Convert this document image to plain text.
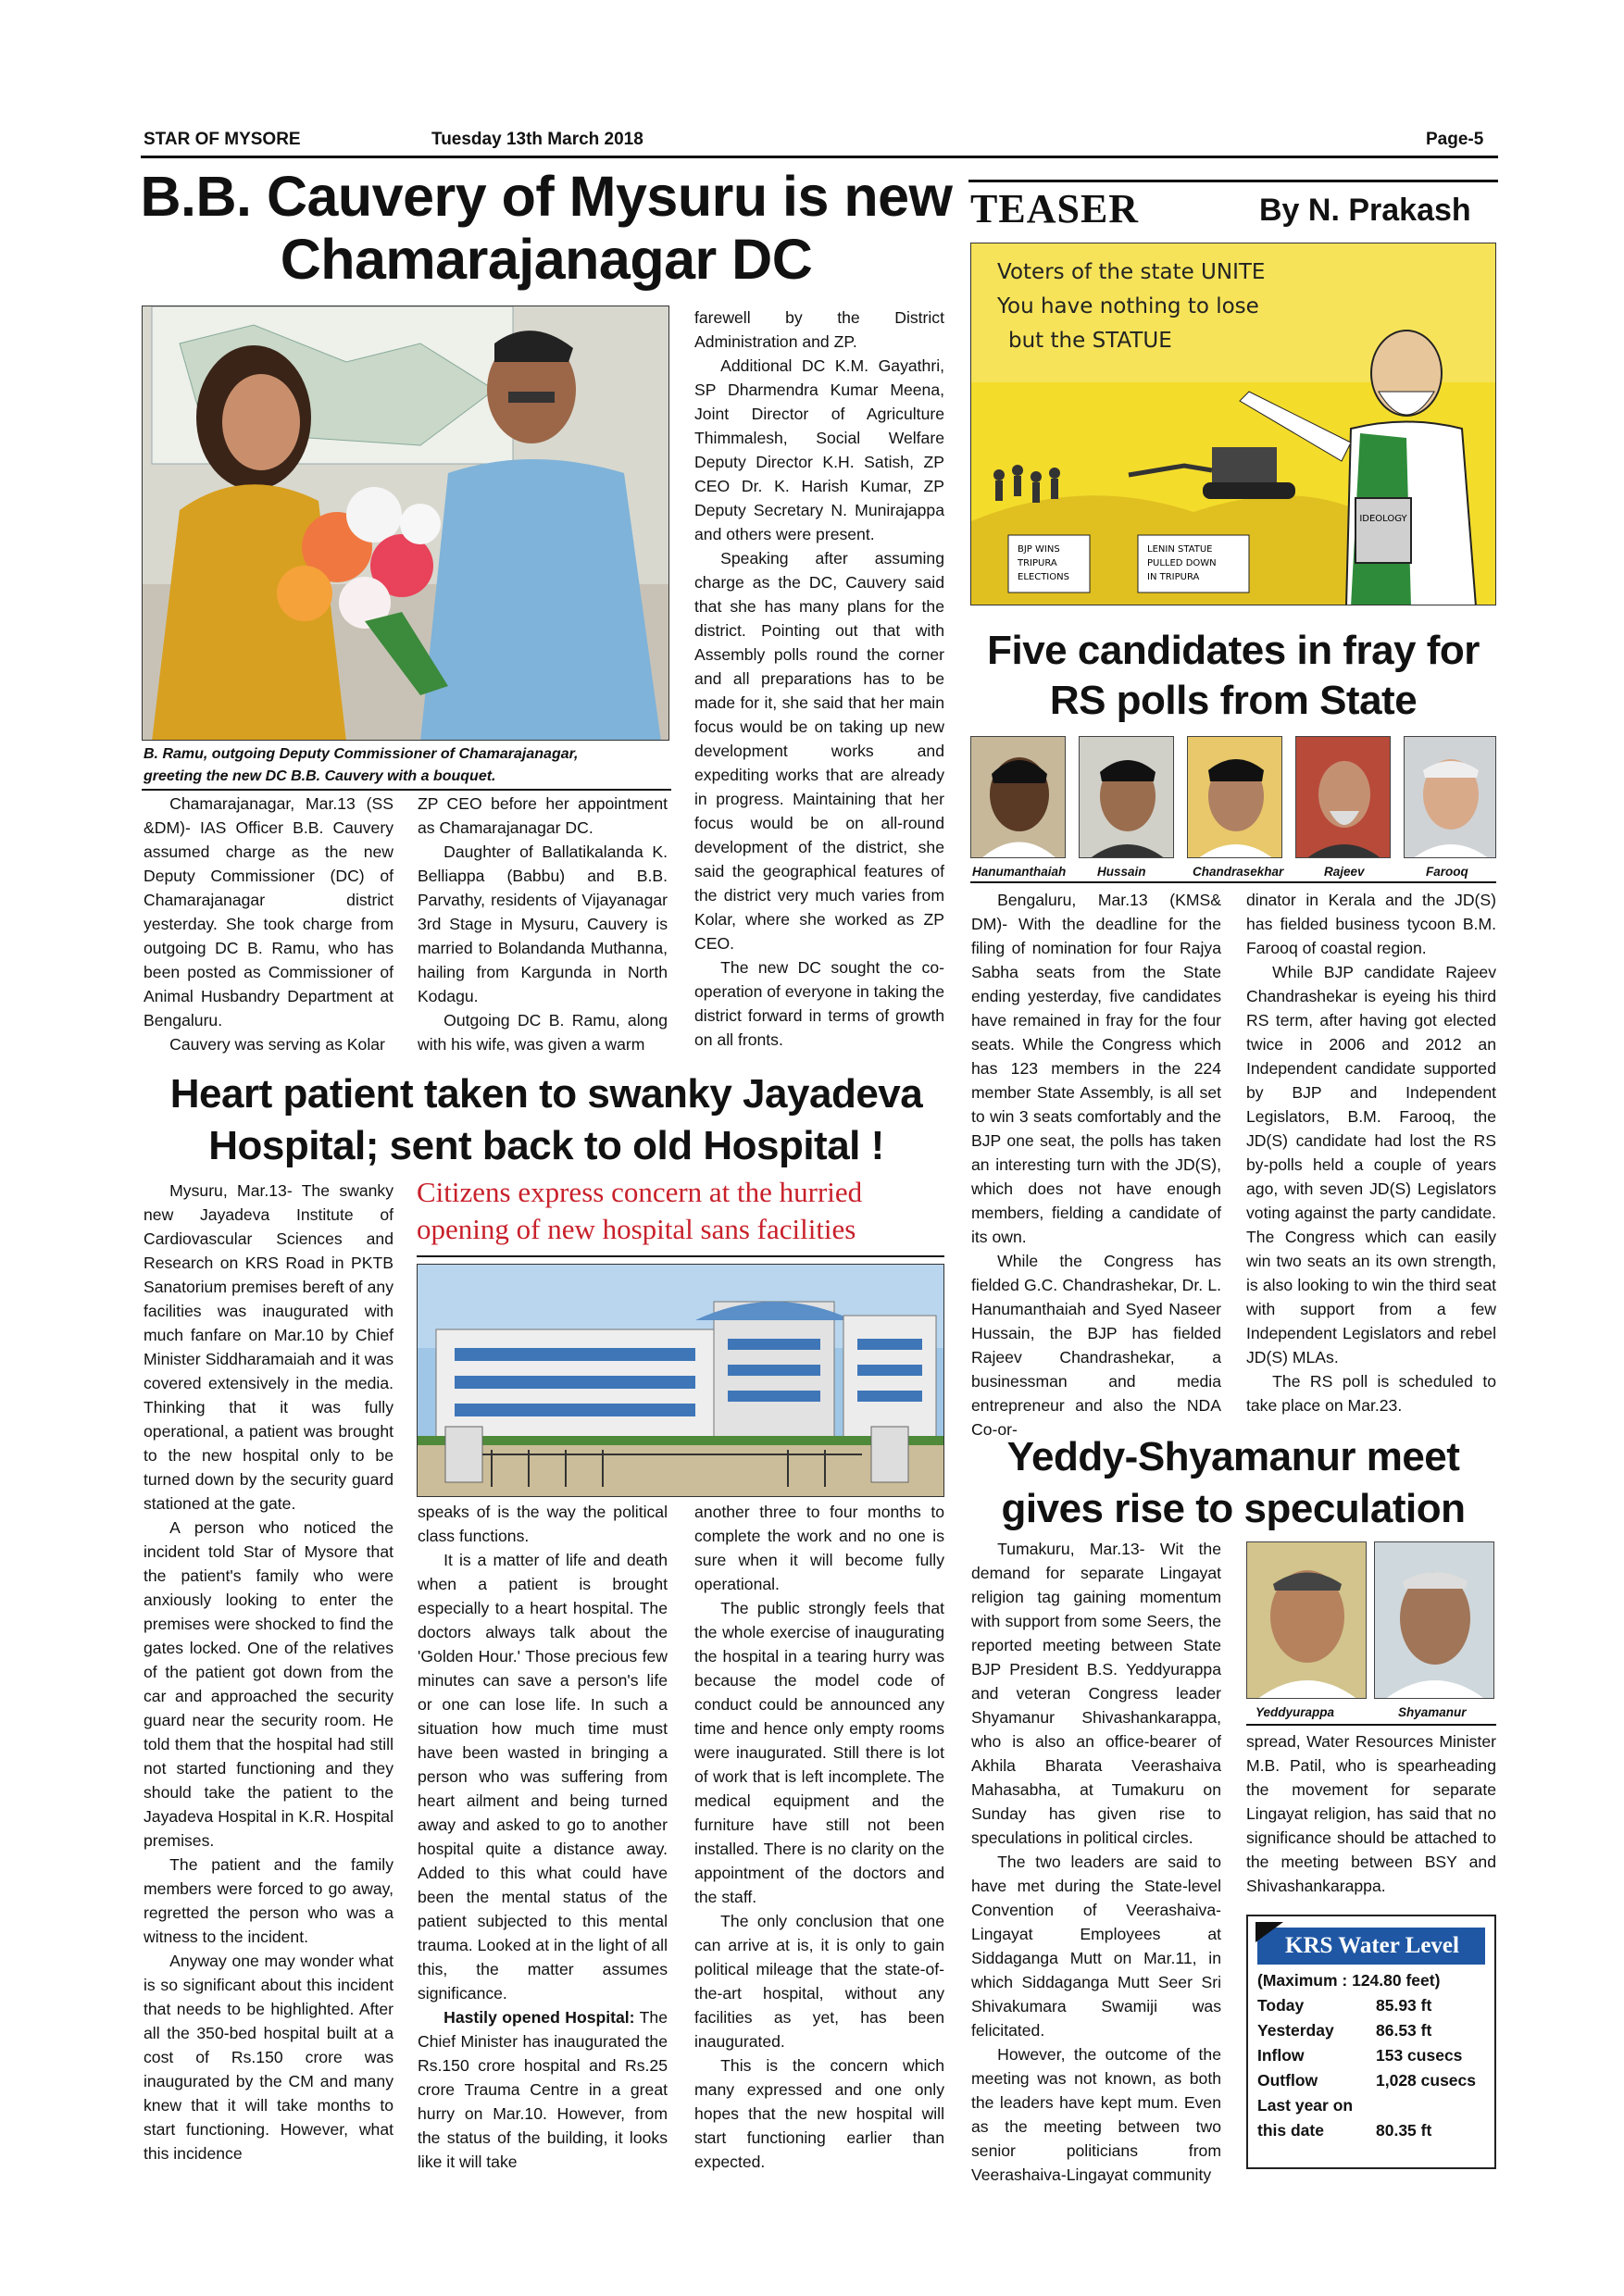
STAR OF MYSORE	Tuesday 13th March 2018	Page-5
B.B. Cauvery of Mysuru is new
Chamarajanagar DC
B. Ramu, outgoing Deputy Commissioner of Chamarajanagar,
greeting the new DC B.B. Cauvery with a bouquet.

Chamarajanagar, Mar.13 (SS &DM)- IAS Officer B.B. Cauvery assumed charge as the new Deputy Commissioner (DC) of Chamarajanagar district yesterday. She took charge from outgoing DC B. Ramu, who has been posted as Commissioner of Animal Husbandry Department at Bengaluru.

Cauvery was serving as Kolar

ZP CEO before her appointment as Chamarajanagar DC.

Daughter of Ballatikalanda K. Belliappa (Babbu) and B.B. Parvathy, residents of Vijayanagar 3rd Stage in Mysuru, Cauvery is married to Bolandanda Muthanna, hailing from Kargunda in North Kodagu.

Outgoing DC B. Ramu, along with his wife, was given a warm

farewell by the District Administration and ZP.

Additional DC K.M. Gayathri, SP Dharmendra Kumar Meena, Joint Director of Agriculture Thimmalesh, Social Welfare Deputy Director K.H. Satish, ZP CEO Dr. K. Harish Kumar, ZP Deputy Secretary N. Munirajappa and others were present.

Speaking after assuming charge as the DC, Cauvery said that she has many plans for the district. Pointing out that with Assembly polls round the corner and all preparations has to be made for it, she said that her main focus would be on taking up new development works and expediting works that are already in progress. Maintaining that her focus would be on all-round development of the district, she said the geographical features of the district very much varies from Kolar, where she worked as ZP CEO.

The new DC sought the co-operation of everyone in taking the district forward in terms of growth on all fronts.

TEASER	By N. Prakash
IDEOLOGY
Voters of the state UNITE
You have nothing to lose
but the STATUE
BJP WINS
TRIPURA
ELECTIONS
LENIN STATUE
PULLED DOWN
IN TRIPURA
Five candidates in fray for
RS polls from State
Hanumanthaiah Hussain	Chandrasekhar	Rajeev	Farooq

Bengaluru, Mar.13 (KMS& DM)- With the deadline for the filing of nomination for four Rajya Sabha seats from the State ending yesterday, five candidates have remained in fray for the four seats. While the Congress which has 123 members in the 224 member State Assembly, is all set to win 3 seats comfortably and the BJP one seat, the polls has taken an interesting turn with the JD(S), which does not have enough members, fielding a candidate of its own.

While the Congress has fielded G.C. Chandrashekar, Dr. L. Hanumanthaiah and Syed Naseer Hussain, the BJP has fielded Rajeev Chandrashekar, a businessman and media entrepreneur and also the NDA Co-or-

dinator in Kerala and the JD(S) has fielded business tycoon B.M. Farooq of coastal region.

While BJP candidate Rajeev Chandrashekar is eyeing his third RS term, after having got elected twice in 2006 and 2012 an Independent candidate supported by BJP and Independent Legislators, B.M. Farooq, the JD(S) candidate had lost the RS by-polls held a couple of years ago, with seven JD(S) Legislators voting against the party candidate. The Congress which can easily win two seats an its own strength, is also looking to win the third seat with support from a few Independent Legislators and rebel JD(S) MLAs.

The RS poll is scheduled to take place on Mar.23.

Heart patient taken to swanky Jayadeva
Hospital; sent back to old Hospital !

Mysuru, Mar.13- The swanky new Jayadeva Institute of Cardiovascular Sciences and Research on KRS Road in PKTB Sanatorium premises bereft of any facilities was inaugurated with much fanfare on Mar.10 by Chief Minister Siddharamaiah and it was covered extensively in the media. Thinking that it was fully operational, a patient was brought to the new hospital only to be turned down by the security guard stationed at the gate.

A person who noticed the incident told Star of Mysore that the patient's family who were anxiously looking to enter the premises were shocked to find the gates locked. One of the relatives of the patient got down from the car and approached the security guard near the security room. He told them that the hospital had still not started functioning and they should take the patient to the Jayadeva Hospital in K.R. Hospital premises.

The patient and the family members were forced to go away, regretted the person who was a witness to the incident.

Anyway one may wonder what is so significant about this incident that needs to be highlighted. After all the 350-bed hospital built at a cost of Rs.150 crore was inaugurated by the CM and many knew that it will take months to start functioning. However, what this incidence

Citizens express concern at the hurried
opening of new hospital sans facilities

speaks of is the way the political class functions.

It is a matter of life and death when a patient is brought especially to a heart hospital. The doctors always talk about the 'Golden Hour.' Those precious few minutes can save a person's life or one can lose life. In such a situation how much time must have been wasted in bringing a person who was suffering from heart ailment and being turned away and asked to go to another hospital quite a distance away. Added to this what could have been the mental status of the patient subjected to this mental trauma. Looked at in the light of all this, the matter assumes significance.

Hastily opened Hospital: The Chief Minister has inaugurated the Rs.150 crore hospital and Rs.25 crore Trauma Centre in a great hurry on Mar.10. However, from the status of the building, it looks like it will take

another three to four months to complete the work and no one is sure when it will become fully operational.

The public strongly feels that the whole exercise of inaugurating the hospital in a tearing hurry was because the model code of conduct could be announced any time and hence only empty rooms were inaugurated. Still there is lot of work that is left incomplete. The medical equipment and the furniture have still not been installed. There is no clarity on the appointment of the doctors and the staff.

The only conclusion that one can arrive at is, it is only to gain political mileage that the state-of-the-art hospital, without any facilities as yet, has been inaugurated.

This is the concern which many expressed and one only hopes that the new hospital will start functioning earlier than expected.

Yeddy-Shyamanur meet
gives rise to speculation

Tumakuru, Mar.13- Wit the demand for separate Lingayat religion tag gaining momentum with support from some Seers, the reported meeting between State BJP President B.S. Yeddyurappa and veteran Congress leader Shyamanur Shivashankarappa, who is also an office-bearer of Akhila Bharata Veerashaiva Mahasabha, at Tumakuru on Sunday has given rise to speculations in political circles.

The two leaders are said to have met during the State-level Convention of Veerashaiva-Lingayat Employees at Siddaganga Mutt on Mar.11, in which Siddaganga Mutt Seer Sri Shivakumara Swamiji was felicitated.

However, the outcome of the meeting was not known, as both the leaders have kept mum. Even as the meeting between two senior politicians from Veerashaiva-Lingayat community

Yeddyurappa	Shyamanur

spread, Water Resources Minister M.B. Patil, who is spearheading the movement for separate Lingayat religion, has said that no significance should be attached to the meeting between BSY and Shivashankarappa.

KRS Water Level
(Maximum : 124.80 feet)
Today	85.93 ft
Yesterday	86.53 ft
Inflow	153 cusecs
Outflow	1,028 cusecs
Last year on
this date	80.35 ft
